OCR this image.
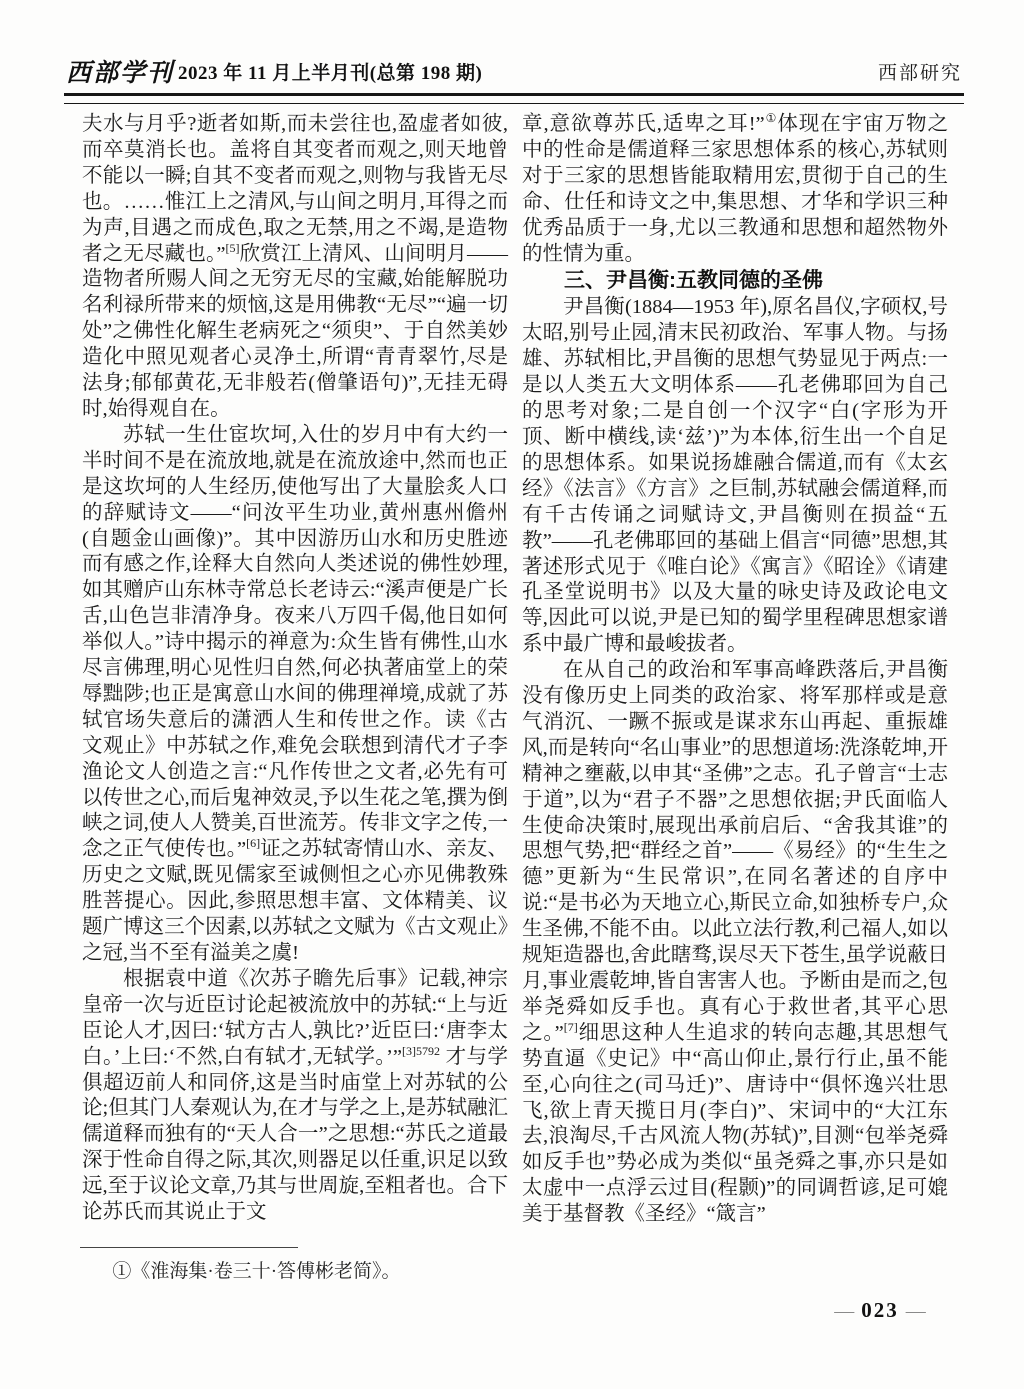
西部学刊 2023 年 11 月上半月刊(总第 198 期)	西部研究

夫水与月乎?逝者如斯,而未尝往也,盈虚者如彼,而卒莫消长也。盖将自其变者而观之,则天地曾不能以一瞬;自其不变者而观之,则物与我皆无尽也。……惟江上之清风,与山间之明月,耳得之而为声,目遇之而成色,取之无禁,用之不竭,是造物者之无尽藏也。”[5]欣赏江上清风、山间明月——造物者所赐人间之无穷无尽的宝藏,始能解脱功名利禄所带来的烦恼,这是用佛教“无尽”“遍一切处”之佛性化解生老病死之“须臾”、于自然美妙造化中照见观者心灵净土,所谓“青青翠竹,尽是法身;郁郁黄花,无非般若(僧肇语句)”,无挂无碍时,始得观自在。

苏轼一生仕宦坎坷,入仕的岁月中有大约一半时间不是在流放地,就是在流放途中,然而也正是这坎坷的人生经历,使他写出了大量脍炙人口的辞赋诗文——“问汝平生功业,黄州惠州儋州(自题金山画像)”。其中因游历山水和历史胜迹而有感之作,诠释大自然向人类述说的佛性妙理,如其赠庐山东林寺常总长老诗云:“溪声便是广长舌,山色岂非清净身。夜来八万四千偈,他日如何举似人。”诗中揭示的禅意为:众生皆有佛性,山水尽言佛理,明心见性归自然,何必执著庙堂上的荣辱黜陟;也正是寓意山水间的佛理禅境,成就了苏轼官场失意后的潇洒人生和传世之作。读《古文观止》中苏轼之作,难免会联想到清代才子李渔论文人创造之言:“凡作传世之文者,必先有可以传世之心,而后鬼神效灵,予以生花之笔,撰为倒峡之词,使人人赞美,百世流芳。传非文字之传,一念之正气使传也。”[6]证之苏轼寄情山水、亲友、历史之文赋,既见儒家至诚侧怛之心亦见佛教殊胜菩提心。因此,参照思想丰富、文体精美、议题广博这三个因素,以苏轼之文赋为《古文观止》之冠,当不至有溢美之虞!

根据袁中道《次苏子瞻先后事》记载,神宗皇帝一次与近臣讨论起被流放中的苏轼:“上与近臣论人才,因曰:‘轼方古人,孰比?’近臣曰:‘唐李太白。’上曰:‘不然,白有轼才,无轼学。’”$^{[3]5792}$ 才与学俱超迈前人和同侪,这是当时庙堂上对苏轼的公论;但其门人秦观认为,在才与学之上,是苏轼融汇儒道释而独有的“天人合一”之思想:“苏氏之道最深于性命自得之际,其次,则器足以任重,识足以致远,至于议论文章,乃其与世周旋,至粗者也。合下论苏氏而其说止于文

章,意欲尊苏氏,适卑之耳!”①体现在宇宙万物之中的性命是儒道释三家思想体系的核心,苏轼则对于三家的思想皆能取精用宏,贯彻于自己的生命、仕任和诗文之中,集思想、才华和学识三种优秀品质于一身,尤以三教通和思想和超然物外的性情为重。

三、尹昌衡:五教同德的圣佛

尹昌衡(1884—1953 年),原名昌仪,字硕权,号太昭,别号止园,清末民初政治、军事人物。与扬雄、苏轼相比,尹昌衡的思想气势显见于两点:一是以人类五大文明体系——孔老佛耶回为自己的思考对象;二是自创一个汉字“白(字形为开顶、断中横线,读‘兹’)”为本体,衍生出一个自足的思想体系。如果说扬雄融合儒道,而有《太玄经》《法言》《方言》之巨制,苏轼融会儒道释,而有千古传诵之词赋诗文,尹昌衡则在损益“五教”——孔老佛耶回的基础上倡言“同德”思想,其著述形式见于《唯白论》《寓言》《昭诠》《请建孔圣堂说明书》以及大量的咏史诗及政论电文等,因此可以说,尹是已知的蜀学里程碑思想家谱系中最广博和最峻拔者。

在从自己的政治和军事高峰跌落后,尹昌衡没有像历史上同类的政治家、将军那样或是意气消沉、一蹶不振或是谋求东山再起、重振雄风,而是转向“名山事业”的思想道场:洗涤乾坤,开精神之壅蔽,以申其“圣佛”之志。孔子曾言“士志于道”,以为“君子不器”之思想依据;尹氏面临人生使命决策时,展现出承前启后、“舍我其谁”的思想气势,把“群经之首”——《易经》的“生生之德”更新为“生民常识”,在同名著述的自序中说:“是书必为天地立心,斯民立命,如独桥专户,众生圣佛,不能不由。以此立法行教,利己福人,如以规矩造器也,舍此瞎骛,误尽天下苍生,虽学说蔽日月,事业震乾坤,皆自害害人也。予断由是而之,包举尧舜如反手也。真有心于救世者,其平心思之。”[7]细思这种人生追求的转向志趣,其思想气势直逼《史记》中“高山仰止,景行行止,虽不能至,心向往之(司马迁)”、唐诗中“俱怀逸兴壮思飞,欲上青天揽日月(李白)”、宋词中的“大江东去,浪淘尽,千古风流人物(苏轼)”,目测“包举尧舜如反手也”势必成为类似“虽尧舜之事,亦只是如太虚中一点浮云过目(程颢)”的同调哲谚,足可媲美于基督教《圣经》“箴言”

①《淮海集·卷三十·答傅彬老简》。
— 023 —
